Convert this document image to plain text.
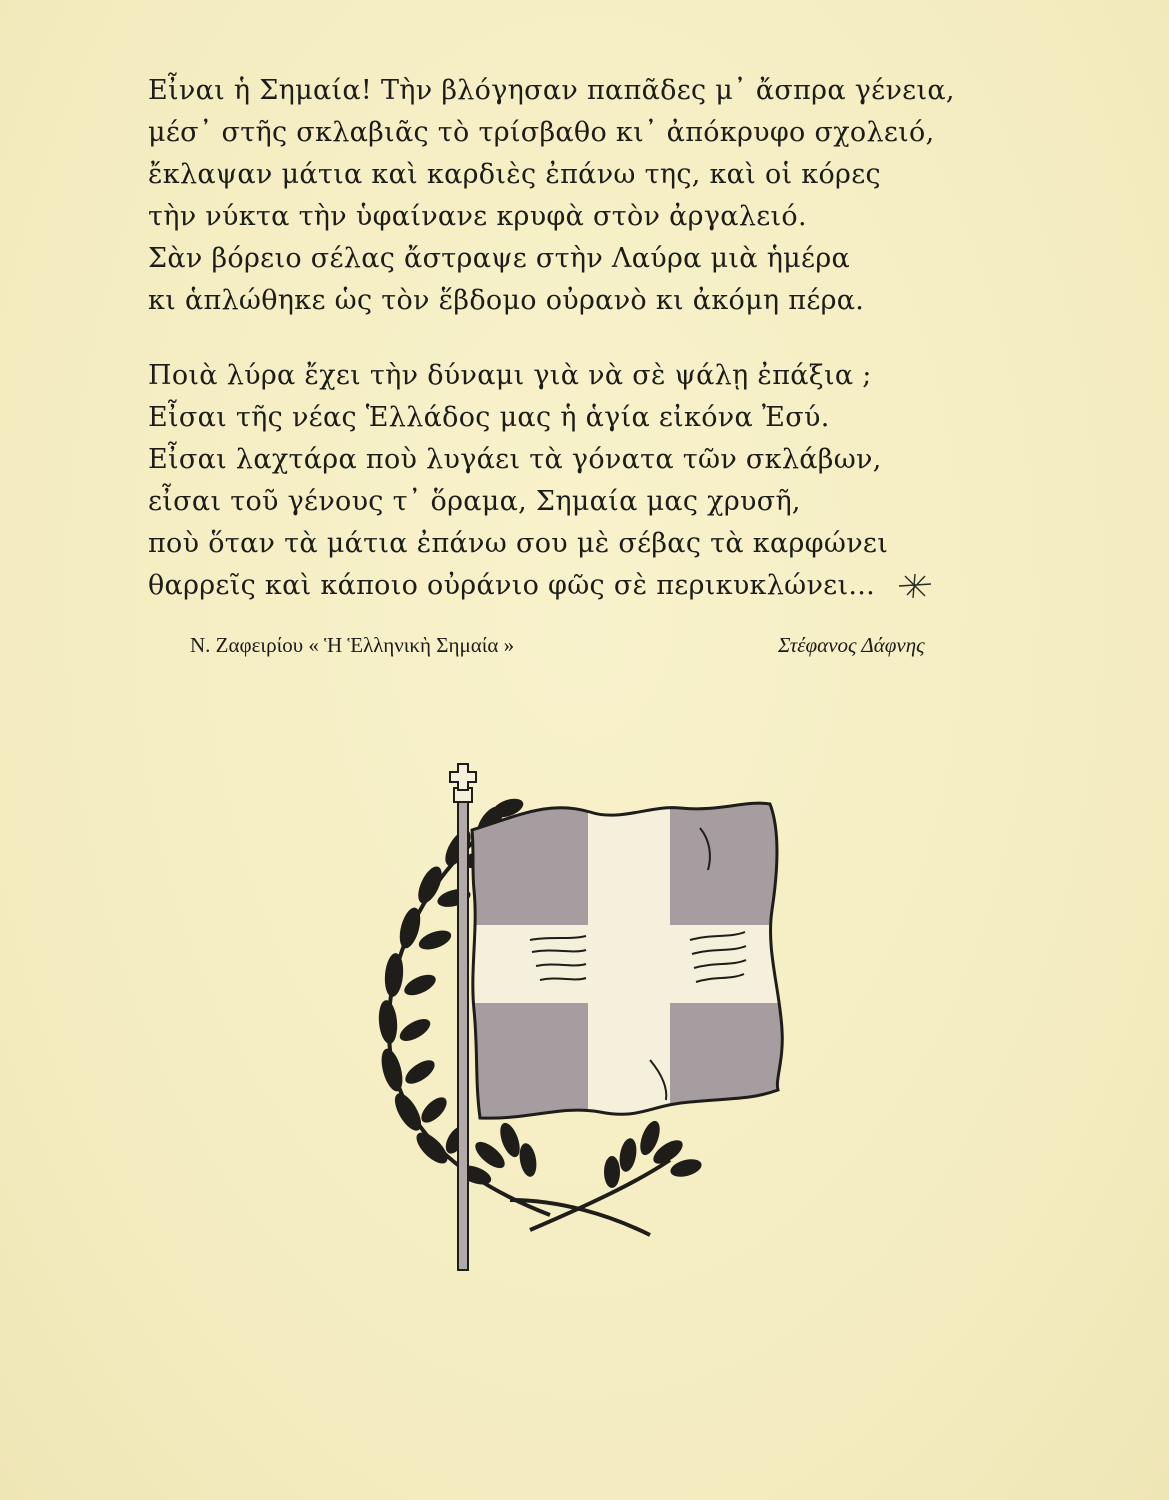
Εἶναι ἡ Σημαία! Τὴν βλόγησαν παπᾶδες μ᾽ ἄσπρα γένεια,
μέσ᾽ στῆς σκλαβιᾶς τὸ τρίσβαθο κι᾽ ἀπόκρυφο σχολειό,
ἔκλαψαν μάτια καὶ καρδιὲς ἐπάνω της, καὶ οἱ κόρες
τὴν νύκτα τὴν ὑφαίνανε κρυφὰ στὸν ἀργαλειό.
Σὰν βόρειο σέλας ἄστραψε στὴν Λαύρα μιὰ ἡμέρα
κι ἁπλώθηκε ὡς τὸν ἕβδομο οὐρανὸ κι ἀκόμη πέρα.
Ποιὰ λύρα ἔχει τὴν δύναμι γιὰ νὰ σὲ ψάλῃ ἐπάξια ;
Εἶσαι τῆς νέας Ἑλλάδος μας ἡ ἁγία εἰκόνα Ἐσύ.
Εἶσαι λαχτάρα ποὺ λυγάει τὰ γόνατα τῶν σκλάβων,
εἶσαι τοῦ γένους τ᾽ ὅραμα, Σημαία μας χρυσῆ,
ποὺ ὅταν τὰ μάτια ἐπάνω σου μὲ σέβας τὰ καρφώνει
θαρρεῖς καὶ κάποιο οὐράνιο φῶς σὲ περικυκλώνει...
Ν. Ζαφειρίου « Ἡ Ἑλληνικὴ Σημαία »	Στέφανος Δάφνης
